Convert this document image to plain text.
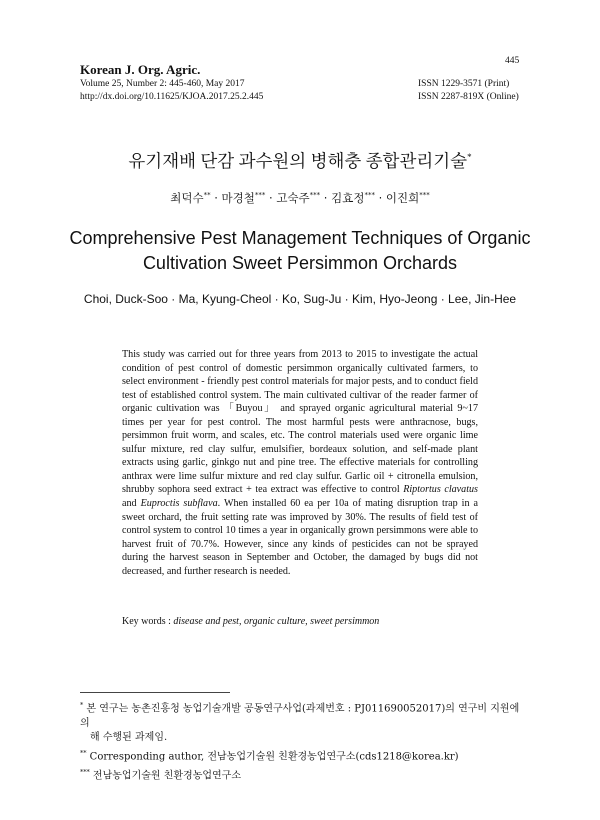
Korean J. Org. Agric.
Volume 25, Number 2: 445-460, May 2017
http://dx.doi.org/10.11625/KJOA.2017.25.2.445
445
ISSN 1229-3571 (Print)
ISSN 2287-819X (Online)
유기재배 단감 과수원의 병해충 종합관리기술*
최덕수** · 마경철*** · 고숙주*** · 김효정*** · 이진희***
Comprehensive Pest Management Techniques of Organic
Cultivation Sweet Persimmon Orchards
Choi, Duck-Soo · Ma, Kyung-Cheol · Ko, Sug-Ju · Kim, Hyo-Jeong · Lee, Jin-Hee
This study was carried out for three years from 2013 to 2015 to investigate the actual condition of pest control of domestic persimmon organically cultivated farmers, to select environment - friendly pest control materials for major pests, and to conduct field test of established control system. The main cultivated cultivar of the reader farmer of organic cultivation was 「Buyou」 and sprayed organic agricultural material 9~17 times per year for pest control. The most harmful pests were anthracnose, bugs, persimmon fruit worm, and scales, etc. The control materials used were organic lime sulfur mixture, red clay sulfur, emulsifier, bordeaux solution, and self-made plant extracts using garlic, ginkgo nut and pine tree. The effective materials for controlling anthrax were lime sulfur mixture and red clay sulfur. Garlic oil + citronella emulsion, shrubby sophora seed extract + tea extract was effective to control Riptortus clavatus and Euproctis subflava. When installed 60 ea per 10a of mating disruption trap in a sweet orchard, the fruit setting rate was improved by 30%. The results of field test of control system to control 10 times a year in organically grown persimmons were able to harvest fruit of 70.7%. However, since any kinds of pesticides can not be sprayed during the harvest season in September and October, the damaged by bugs did not decreased, and further research is needed.
Key words : disease and pest, organic culture, sweet persimmon
* 본 연구는 농촌진흥청 농업기술개발 공동연구사업(과제번호 : PJ011690052017)의 연구비 지원에 의
해 수행된 과제임.
** Corresponding author, 전남농업기술원 친환경농업연구소(cds1218@korea.kr)
*** 전남농업기술원 친환경농업연구소
